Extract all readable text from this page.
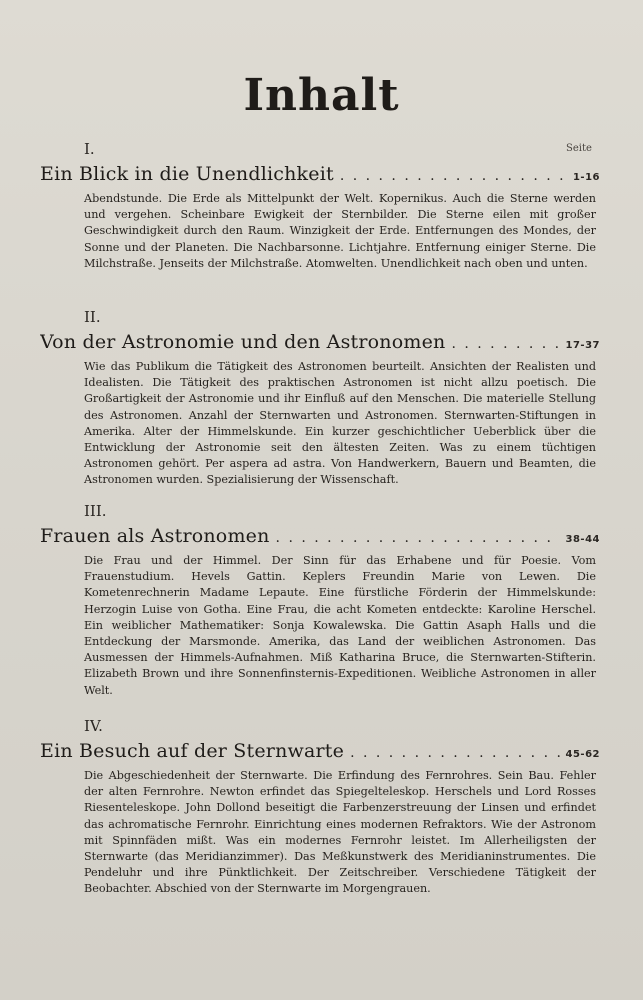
Inhalt
Seite
I.
Ein Blick in die Unendlichkeit . . .	1-16
Abendstunde. Die Erde als Mittelpunkt der Welt. Kopernikus. Auch die Sterne werden und vergehen. Scheinbare Ewigkeit der Sternbilder. Die Sterne eilen mit großer Geschwindigkeit durch den Raum. Winzigkeit der Erde. Entfernungen des Mondes, der Sonne und der Planeten. Die Nachbarsonne. Lichtjahre. Entfernung einiger Sterne. Die Milchstraße. Jenseits der Milchstraße. Atomwelten. Unendlichkeit nach oben und unten.
II.
Von der Astronomie und den Astronomen . . .	17-37
Wie das Publikum die Tätigkeit des Astronomen beurteilt. Ansichten der Realisten und Idealisten. Die Tätigkeit des praktischen Astronomen ist nicht allzu poetisch. Die Großartigkeit der Astronomie und ihr Einfluß auf den Menschen. Die materielle Stellung des Astronomen. Anzahl der Sternwarten und Astronomen. Sternwarten-Stiftungen in Amerika. Alter der Himmelskunde. Ein kurzer geschichtlicher Ueberblick über die Entwicklung der Astronomie seit den ältesten Zeiten. Was zu einem tüchtigen Astronomen gehört. Per aspera ad astra. Von Handwerkern, Bauern und Beamten, die Astronomen wurden. Spezialisierung der Wissenschaft.
III.
Frauen als Astronomen . . .	38-44
Die Frau und der Himmel. Der Sinn für das Erhabene und für Poesie. Vom Frauenstudium. Hevels Gattin. Keplers Freundin Marie von Lewen. Die Kometenrechnerin Madame Lepaute. Eine fürstliche Förderin der Himmelskunde: Herzogin Luise von Gotha. Eine Frau, die acht Kometen entdeckte: Karoline Herschel. Ein weiblicher Mathematiker: Sonja Kowalewska. Die Gattin Asaph Halls und die Entdeckung der Marsmonde. Amerika, das Land der weiblichen Astronomen. Das Ausmessen der Himmels-Aufnahmen. Miß Katharina Bruce, die Sternwarten-Stifterin. Elizabeth Brown und ihre Sonnenfinsternis-Expeditionen. Weibliche Astronomen in aller Welt.
IV.
Ein Besuch auf der Sternwarte . . .	45-62
Die Abgeschiedenheit der Sternwarte. Die Erfindung des Fernrohres. Sein Bau. Fehler der alten Fernrohre. Newton erfindet das Spiegelteleskop. Herschels und Lord Rosses Riesenteleskope. John Dollond beseitigt die Farbenzerstreuung der Linsen und erfindet das achromatische Fernrohr. Einrichtung eines modernen Refraktors. Wie der Astronom mit Spinnfäden mißt. Was ein modernes Fernrohr leistet. Im Allerheiligsten der Sternwarte (das Meridianzimmer). Das Meßkunstwerk des Meridianinstrumentes. Die Pendeluhr und ihre Pünktlichkeit. Der Zeitschreiber. Verschiedene Tätigkeit der Beobachter. Abschied von der Sternwarte im Morgengrauen.
